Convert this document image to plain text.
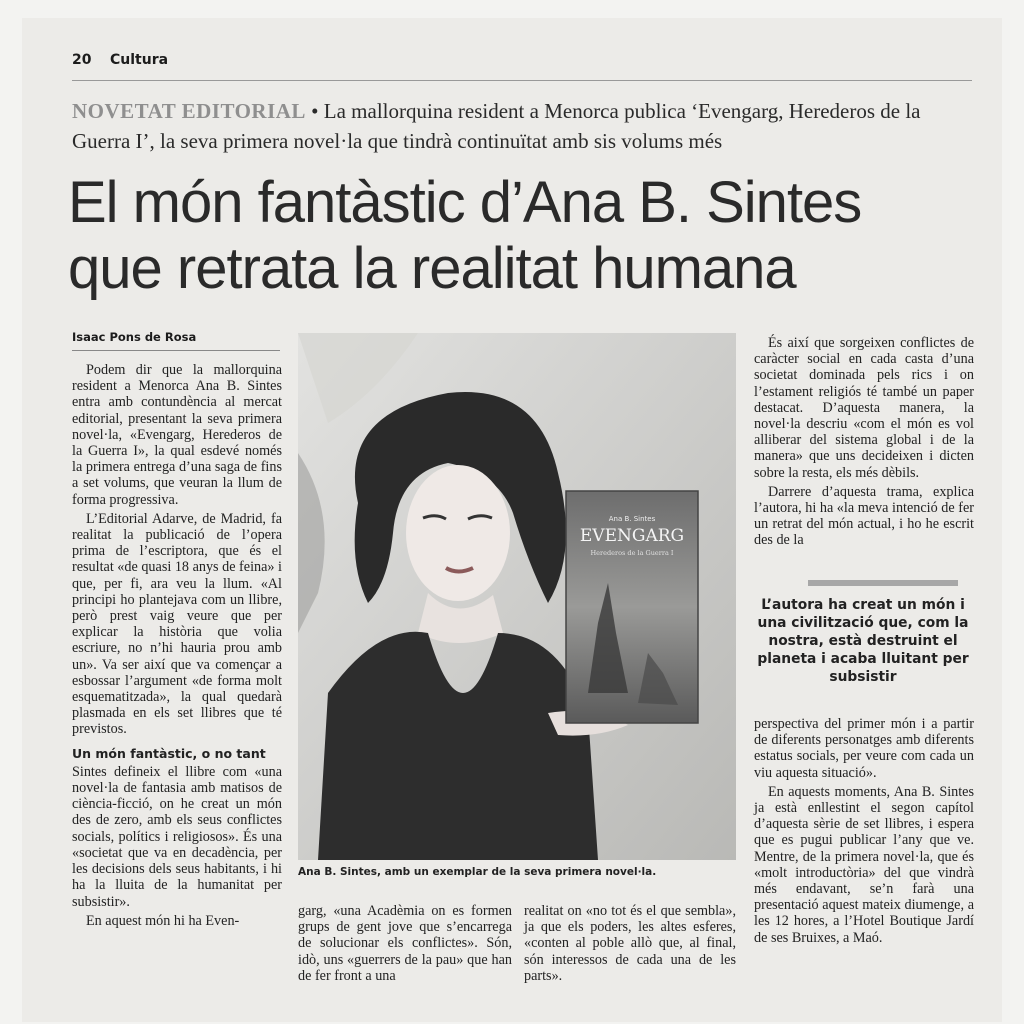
20	Cultura
NOVETAT EDITORIAL • La mallorquina resident a Menorca publica ‘Evengarg, Herederos de la Guerra I’, la seva primera novel·la que tindrà continuïtat amb sis volums més
El món fantàstic d’Ana B. Sintes
que retrata la realitat humana
Isaac Pons de Rosa

Podem dir que la mallorquina resident a Menorca Ana B. Sintes entra amb contundència al mercat editorial, presentant la seva primera novel·la, «Evengarg, Herederos de la Guerra I», la qual esdevé només la primera entrega d’una saga de fins a set volums, que veuran la llum de forma progressiva.

L’Editorial Adarve, de Madrid, fa realitat la publicació de l’opera prima de l’escriptora, que és el resultat «de quasi 18 anys de feina» i que, per fi, ara veu la llum. «Al principi ho plantejava com un llibre, però prest vaig veure que per explicar la història que volia escriure, no n’hi hauria prou amb un». Va ser així que va començar a esbossar l’argument «de forma molt esquematitzada», la qual quedarà plasmada en els set llibres que té previstos.

Un món fantàstic, o no tant

Sintes defineix el llibre com «una novel·la de fantasia amb matisos de ciència-ficció, on he creat un món des de zero, amb els seus conflictes socials, polítics i religiosos». És una «societat que va en decadència, per les decisions dels seus habitants, i hi ha la lluita de la humanitat per subsistir».

En aquest món hi ha Even-

Ana B. Sintes
EVENGARG
Herederos de la Guerra I
Ana B. Sintes, amb un exemplar de la seva primera novel·la.

garg, «una Acadèmia on es formen grups de gent jove que s’encarrega de solucionar els conflictes». Són, idò, uns «guerrers de la pau» que han de fer front a una

realitat on «no tot és el que sembla», ja que els poders, les altes esferes, «conten al poble allò que, al final, són interessos de cada una de les parts».

És així que sorgeixen conflictes de caràcter social en cada casta d’una societat dominada pels rics i on l’estament religiós té també un paper destacat. D’aquesta manera, la novel·la descriu «com el món es vol alliberar del sistema global i de la manera» que uns decideixen i dicten sobre la resta, els més dèbils.

Darrere d’aquesta trama, explica l’autora, hi ha «la meva intenció de fer un retrat del món actual, i ho he escrit des de la

L’autora ha creat un món i una civilització que, com la nostra, està destruint el planeta i acaba lluitant per subsistir

perspectiva del primer món i a partir de diferents personatges amb diferents estatus socials, per veure com cada un viu aquesta situació».

En aquests moments, Ana B. Sintes ja està enllestint el segon capítol d’aquesta sèrie de set llibres, i espera que es pugui publicar l’any que ve. Mentre, de la primera novel·la, que és «molt introductòria» del que vindrà més endavant, se’n farà una presentació aquest mateix diumenge, a les 12 hores, a l’Hotel Boutique Jardí de ses Bruixes, a Maó.
